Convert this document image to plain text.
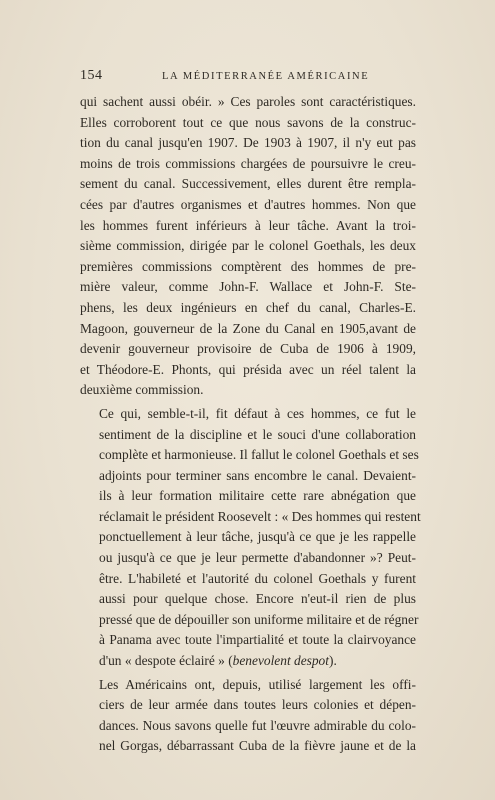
154	LA MÉDITERRANÉE AMÉRICAINE

qui sachent aussi obéir. » Ces paroles sont caractéristiques.
Elles corroborent tout ce que nous savons de la construc-
tion du canal jusqu'en 1907. De 1903 à 1907, il n'y eut pas
moins de trois commissions chargées de poursuivre le creu-
sement du canal. Successivement, elles durent être rempla-
cées par d'autres organismes et d'autres hommes. Non que
les hommes furent inférieurs à leur tâche. Avant la troi-
sième commission, dirigée par le colonel Goethals, les deux
premières commissions comptèrent des hommes de pre-
mière valeur, comme John-F. Wallace et John-F. Ste-
phens, les deux ingénieurs en chef du canal, Charles-E.
Magoon, gouverneur de la Zone du Canal en 1905,avant de
devenir gouverneur provisoire de Cuba de 1906 à 1909,
et Théodore-E. Phonts, qui présida avec un réel talent la
deuxième commission.

Ce qui, semble-t-il, fit défaut à ces hommes, ce fut le
sentiment de la discipline et le souci d'une collaboration
complète et harmonieuse. Il fallut le colonel Goethals et ses
adjoints pour terminer sans encombre le canal. Devaient-
ils à leur formation militaire cette rare abnégation que
réclamait le président Roosevelt : « Des hommes qui restent
ponctuellement à leur tâche, jusqu'à ce que je les rappelle
ou jusqu'à ce que je leur permette d'abandonner »? Peut-
être. L'habileté et l'autorité du colonel Goethals y furent
aussi pour quelque chose. Encore n'eut-il rien de plus
pressé que de dépouiller son uniforme militaire et de régner
à Panama avec toute l'impartialité et toute la clairvoyance
d'un « despote éclairé » (benevolent despot).

Les Américains ont, depuis, utilisé largement les offi-
ciers de leur armée dans toutes leurs colonies et dépen-
dances. Nous savons quelle fut l'œuvre admirable du colo-
nel Gorgas, débarrassant Cuba de la fièvre jaune et de la
